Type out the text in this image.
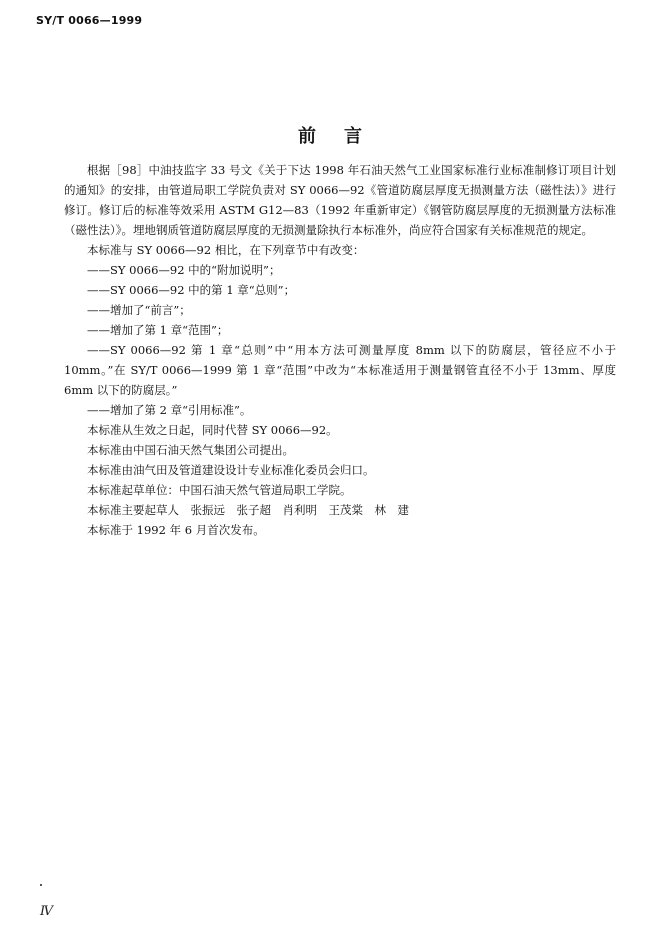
SY/T 0066—1999
前 言

根据［98］中油技监字 33 号文《关于下达 1998 年石油天然气工业国家标准行业标准制修订项目计划的通知》的安排，由管道局职工学院负责对 SY 0066—92《管道防腐层厚度无损测量方法（磁性法）》进行修订。修订后的标准等效采用 ASTM G12—83（1992 年重新审定）《钢管防腐层厚度的无损测量方法标准（磁性法）》。埋地钢质管道防腐层厚度的无损测量除执行本标准外，尚应符合国家有关标准规范的规定。

本标准与 SY 0066—92 相比，在下列章节中有改变：

——SY 0066—92 中的“附加说明”；

——SY 0066—92 中的第 1 章“总则”；

——增加了“前言”；

——增加了第 1 章“范围”；

——SY 0066—92 第 1 章“总则”中“用本方法可测量厚度 8mm 以下的防腐层，管径应不小于 10mm。”在 SY/T 0066—1999 第 1 章“范围”中改为“本标准适用于测量钢管直径不小于 13mm、厚度 6mm 以下的防腐层。”

——增加了第 2 章“引用标准”。

本标准从生效之日起，同时代替 SY 0066—92。

本标准由中国石油天然气集团公司提出。

本标准由油气田及管道建设设计专业标准化委员会归口。

本标准起草单位：中国石油天然气管道局职工学院。

本标准主要起草人　张振远　张子超　肖利明　王茂棠　林　建

本标准于 1992 年 6 月首次发布。

Ⅳ
